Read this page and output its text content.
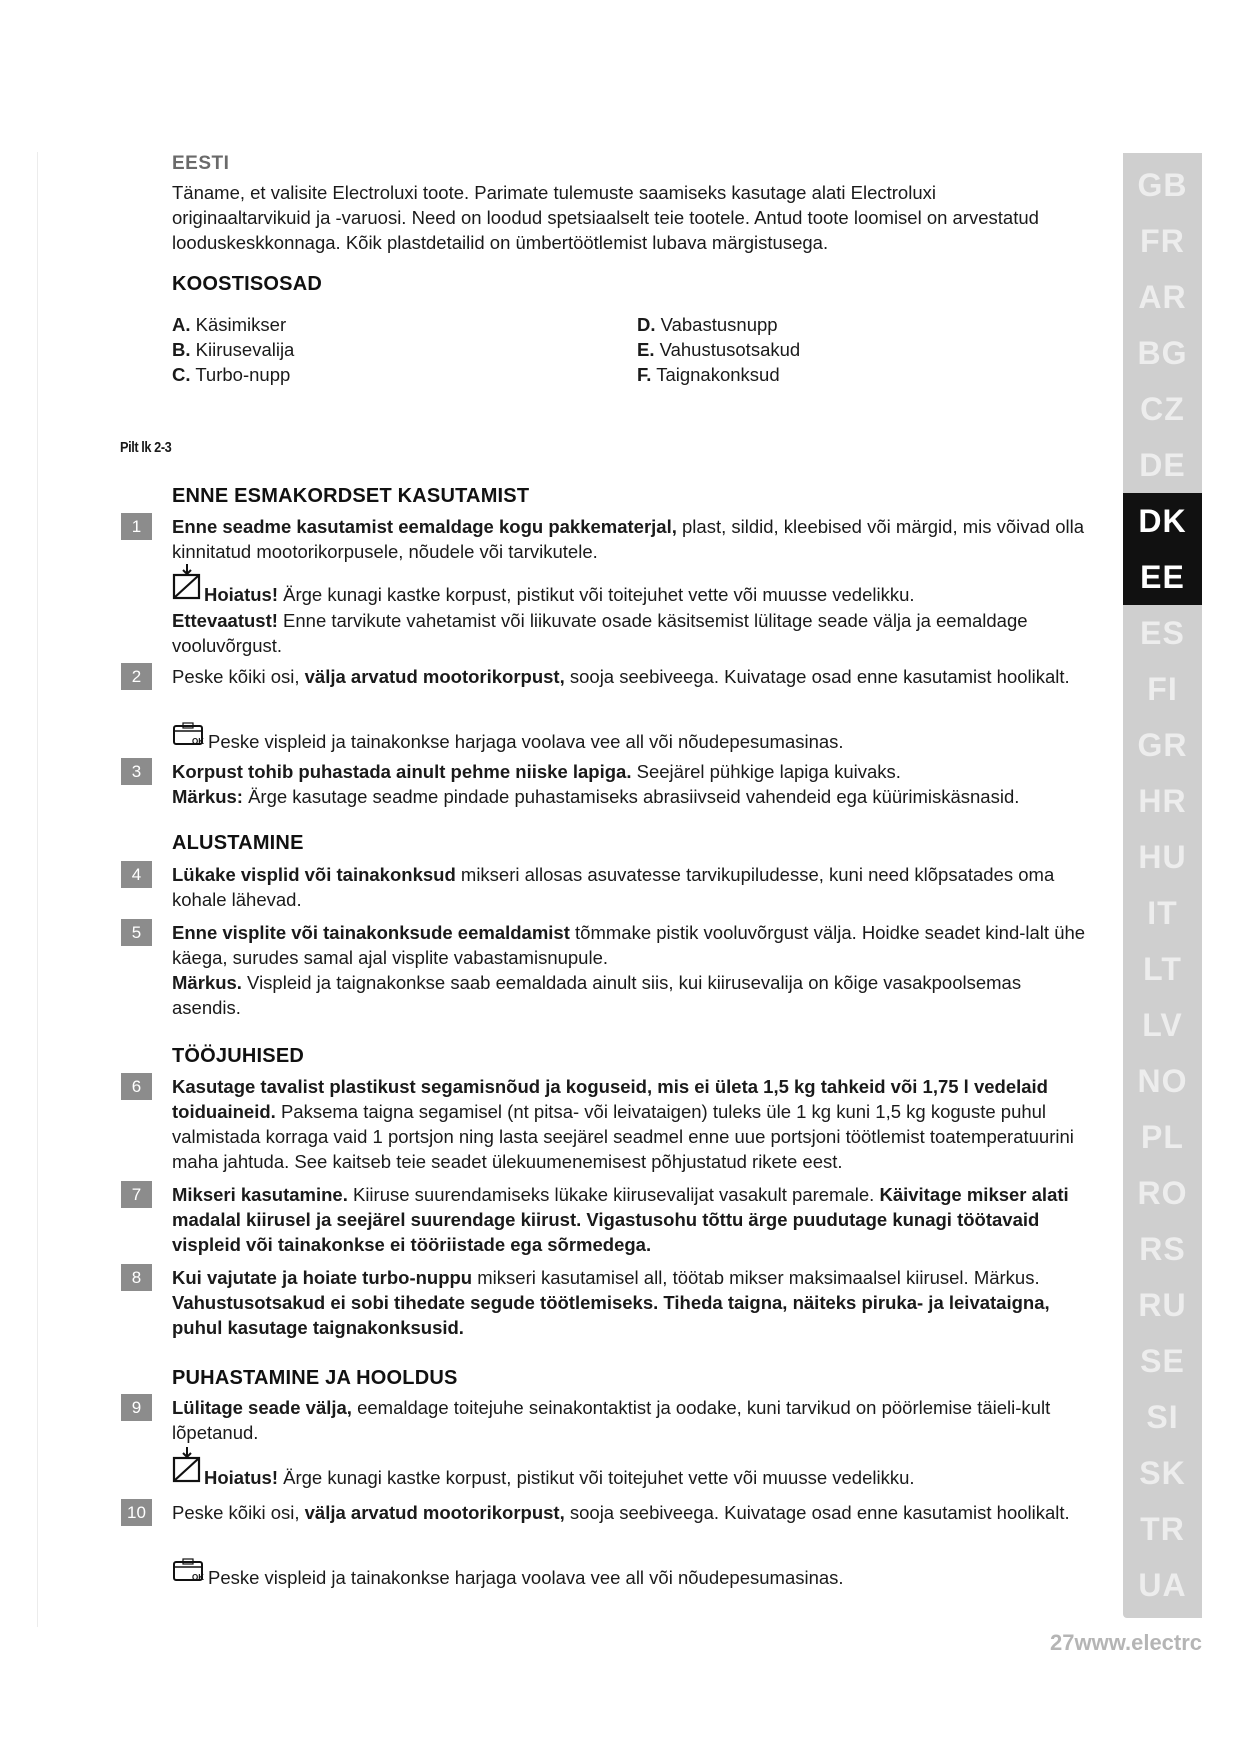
EESTI
Täname, et valisite Electroluxi toote. Parimate tulemuste saamiseks kasutage alati Electroluxi originaaltarvikuid ja -varuosi. Need on loodud spetsiaalselt teie tootele. Antud toote loomisel on arvestatud looduskeskkonnaga. Kõik plastdetailid on ümbertöötlemist lubava märgistusega.
KOOSTISOSAD
A. Käsimikser
B. Kiirusevalija
C. Turbo-nupp
D. Vabastusnupp
E. Vahustusotsakud
F. Taignakonksud
Pilt lk 2-3
ENNE ESMAKORDSET KASUTAMIST
1	Enne seadme kasutamist eemaldage kogu pakkematerjal, plast, sildid, kleebised või märgid, mis võivad olla kinnitatud mootorikorpusele, nõudele või tarvikutele.
Hoiatus! Ärge kunagi kastke korpust, pistikut või toitejuhet vette või muusse vedelikku.
Ettevaatust! Enne tarvikute vahetamist või liikuvate osade käsitsemist lülitage seade välja ja eemaldage vooluvõrgust.
2	Peske kõiki osi, välja arvatud mootorikorpust, sooja seebiveega. Kuivatage osad enne kasutamist hoolikalt.
OK Peske vispleid ja tainakonkse harjaga voolava vee all või nõudepesumasinas.
3	Korpust tohib puhastada ainult pehme niiske lapiga. Seejärel pühkige lapiga kuivaks.
Märkus: Ärge kasutage seadme pindade puhastamiseks abrasiivseid vahendeid ega küürimiskäsnasid.
ALUSTAMINE
4	Lükake visplid või tainakonksud mikseri allosas asuvatesse tarvikupiludesse, kuni need klõpsatades oma kohale lähevad.
5	Enne visplite või tainakonksude eemaldamist tõmmake pistik vooluvõrgust välja. Hoidke seadet kind-lalt ühe käega, surudes samal ajal visplite vabastamisnupule.
Märkus. Vispleid ja taignakonkse saab eemaldada ainult siis, kui kiirusevalija on kõige vasakpoolsemas asendis.
TÖÖJUHISED
6	Kasutage tavalist plastikust segamisnõud ja koguseid, mis ei ületa 1,5 kg tahkeid või 1,75 l vedelaid toiduaineid. Paksema taigna segamisel (nt pitsa- või leivataigen) tuleks üle 1 kg kuni 1,5 kg koguste puhul valmistada korraga vaid 1 portsjon ning lasta seejärel seadmel enne uue portsjoni töötlemist toatemperatuurini maha jahtuda. See kaitseb teie seadet ülekuumenemisest põhjustatud rikete eest.
7	Mikseri kasutamine. Kiiruse suurendamiseks lükake kiirusevalijat vasakult paremale. Käivitage mikser alati madalal kiirusel ja seejärel suurendage kiirust. Vigastusohu tõttu ärge puudutage kunagi töötavaid vispleid või tainakonkse ei tööriistade ega sõrmedega.
8	Kui vajutate ja hoiate turbo-nuppu mikseri kasutamisel all, töötab mikser maksimaalsel kiirusel. Märkus. Vahustusotsakud ei sobi tihedate segude töötlemiseks. Tiheda taigna, näiteks piruka- ja leivataigna, puhul kasutage taignakonksusid.
PUHASTAMINE JA HOOLDUS
9	Lülitage seade välja, eemaldage toitejuhe seinakontaktist ja oodake, kuni tarvikud on pöörlemise täieli-kult lõpetanud.
Hoiatus! Ärge kunagi kastke korpust, pistikut või toitejuhet vette või muusse vedelikku.
10	Peske kõiki osi, välja arvatud mootorikorpust, sooja seebiveega. Kuivatage osad enne kasutamist hoolikalt.
OK Peske vispleid ja tainakonkse harjaga voolava vee all või nõudepesumasinas.
GB
FR
AR
BG
CZ
DE
DK
EE
ES
FI
GR
HR
HU
IT
LT
LV
NO
PL
RO
RS
RU
SE
SI
SK
TR
UA
27www.electrc
